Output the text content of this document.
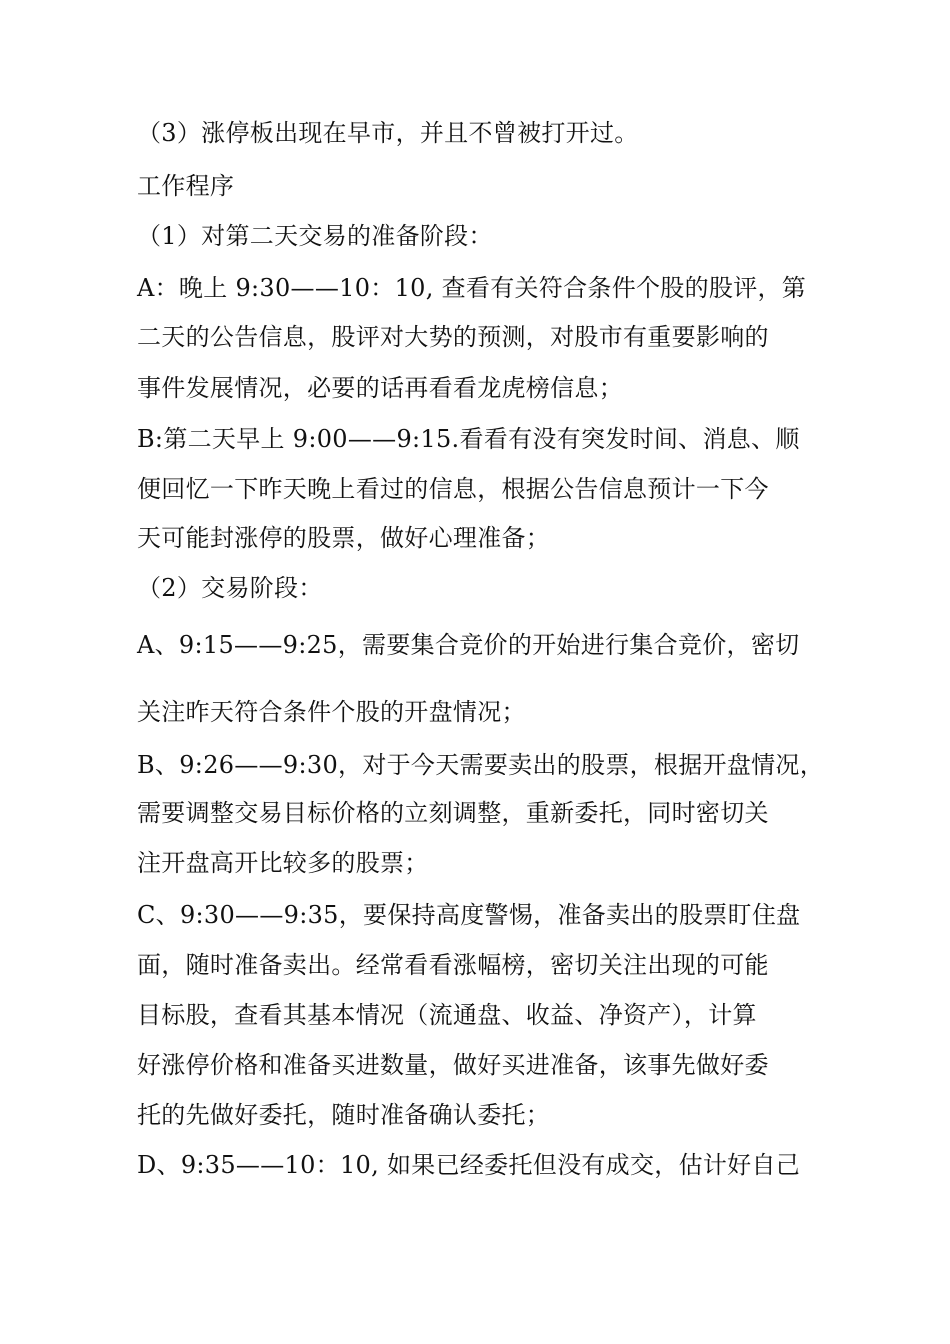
（3）涨停板出现在早市，并且不曾被打开过。
工作程序
（1）对第二天交易的准备阶段：
A：晚上 9:30——10：10, 查看有关符合条件个股的股评，第
二天的公告信息，股评对大势的预测，对股市有重要影响的
事件发展情况，必要的话再看看龙虎榜信息；
B:第二天早上 9:00——9:15.看看有没有突发时间、消息、顺
便回忆一下昨天晚上看过的信息，根据公告信息预计一下今
天可能封涨停的股票，做好心理准备；
（2）交易阶段：
A、9:15——9:25，需要集合竞价的开始进行集合竞价，密切
关注昨天符合条件个股的开盘情况；
B、9:26——9:30，对于今天需要卖出的股票，根据开盘情况，
需要调整交易目标价格的立刻调整，重新委托，同时密切关
注开盘高开比较多的股票；
C、9:30——9:35，要保持高度警惕，准备卖出的股票盯住盘
面，随时准备卖出。经常看看涨幅榜，密切关注出现的可能
目标股，查看其基本情况（流通盘、收益、净资产），计算
好涨停价格和准备买进数量，做好买进准备，该事先做好委
托的先做好委托，随时准备确认委托；
D、9:35——10：10, 如果已经委托但没有成交，估计好自己
